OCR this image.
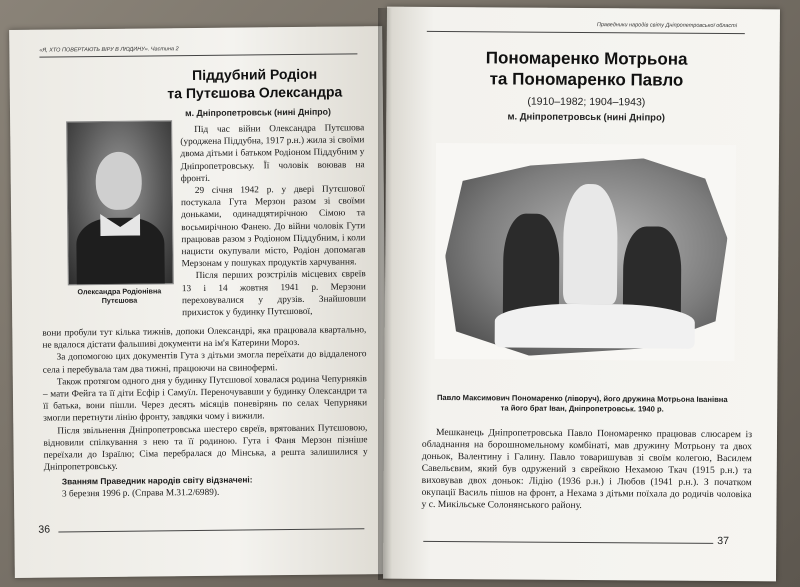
«Я, ХТО ПОВЕРТАЮТЬ ВІРУ В ЛЮДИНУ». Частина 2
Піддубний Родіон
та Путєшова Олександра
м. Дніпропетровськ (нині Дніпро)
Олександра Родіонівна
Путєшова

Під час війни Олександра Путєшова (уроджена Піддубна, 1917 р.н.) жила зі своїми двома дітьми і батьком Родіоном Піддубним у Дніпропетровську. Її чоловік воював на фронті.

29 січня 1942 р. у двері Путєшової постукала Гута Мерзон разом зі своїми доньками, одинадцятирічною Сімою та восьмирічною Фанею. До війни чоловік Гути працював разом з Родіоном Піддубним, і коли нацисти окупували місто, Родіон допомагав Мерзонам у пошуках продуктів харчування.

Після перших розстрілів місцевих євреїв 13 і 14 жовтня 1941 р. Мерзони переховувалися у друзів. Знайшовши прихисток у будинку Путєшової,

вони пробули тут кілька тижнів, допоки Олександрі, яка працювала квартально, не вдалося дістати фальшиві документи на ім'я Катерини Мороз.

За допомогою цих документів Гута з дітьми змогла переїхати до віддаленого села і перебувала там два тижні, працюючи на свинофермі.

Також протягом одного дня у будинку Путєшової ховалася родина Чепурняків – мати Фейга та її діти Есфір і Самуїл. Переночувавши у будинку Олександри та її батька, вони пішли. Через десять місяців поневірянь по селах Чепурняки змогли перетнути лінію фронту, завдяки чому і вижили.

Після звільнення Дніпропетровська шестеро євреїв, врятованих Путєшовою, відновили спілкування з нею та її родиною. Гута і Фаня Мерзон пізніше переїхали до Ізраїлю; Сіма перебралася до Мінська, а решта залишилися у Дніпропетровську.

Званням Праведник народів світу відзначені:
3 березня 1996 р. (Справа М.31.2/6989).
36
Праведники народів світу Дніпропетровської області
Пономаренко Мотрьона
та Пономаренко Павло
(1910–1982; 1904–1943)
м. Дніпропетровськ (нині Дніпро)
Павло Максимович Пономаренко (ліворуч), його дружина Мотрьона Іванівна
та його брат Іван, Дніпропетровськ. 1940 р.

Мешканець Дніпропетровська Павло Пономаренко працював слюсарем із обладнання на борошномельному комбінаті, мав дружину Мотрьону та двох доньок, Валентину і Галину. Павло товаришував зі своїм колегою, Василем Савельєвим, який був одружений з єврейкою Нехамою Ткач (1915 р.н.) та виховував двох доньок: Лідію (1936 р.н.) і Любов (1941 р.н.). З початком окупації Василь пішов на фронт, а Нехама з дітьми поїхала до родичів чоловіка у с. Микільське Солонянського району.

37
